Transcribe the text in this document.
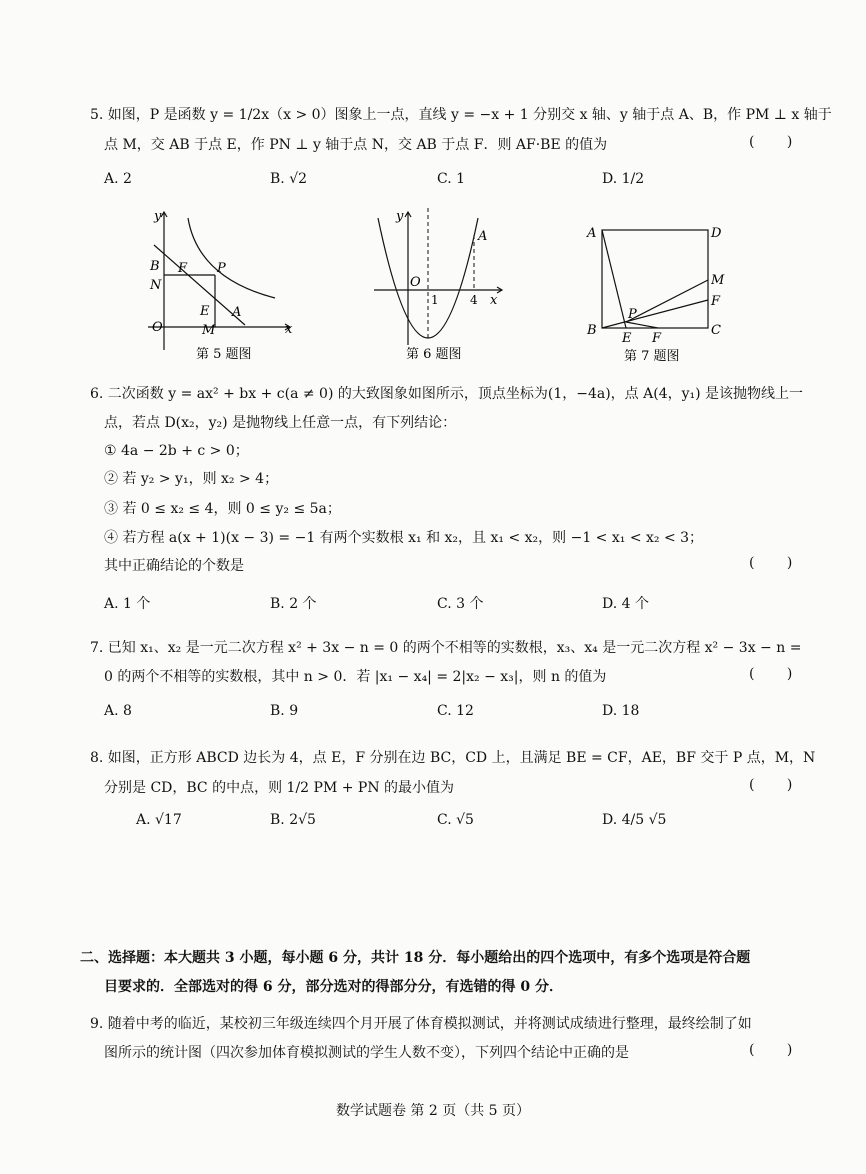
5. 如图，P 是函数 y = 1/2x（x > 0）图象上一点，直线 y = −x + 1 分别交 x 轴、y 轴于点 A、B，作 PM ⊥ x 轴于
点 M，交 AB 于点 E，作 PN ⊥ y 轴于点 N，交 AB 于点 F．则 AF·BE 的值为	( )
A. 2	B. √2	C. 1	D. 1/2
y
B F P
N
E A
O	M	x
第 5 题图
y
A
O
1	4 x
第 6 题图
A	D
M
F
P
B
E F
C
第 7 题图
6. 二次函数 y = ax² + bx + c(a ≠ 0) 的大致图象如图所示，顶点坐标为(1，−4a)，点 A(4，y₁) 是该抛物线上一
点，若点 D(x₂，y₂) 是抛物线上任意一点，有下列结论：
① 4a − 2b + c > 0；
② 若 y₂ > y₁，则 x₂ > 4；
③ 若 0 ≤ x₂ ≤ 4，则 0 ≤ y₂ ≤ 5a；
④ 若方程 a(x + 1)(x − 3) = −1 有两个实数根 x₁ 和 x₂，且 x₁ < x₂，则 −1 < x₁ < x₂ < 3；
其中正确结论的个数是	( )
A. 1 个	B. 2 个	C. 3 个	D. 4 个
7. 已知 x₁、x₂ 是一元二次方程 x² + 3x − n = 0 的两个不相等的实数根，x₃、x₄ 是一元二次方程 x² − 3x − n =
0 的两个不相等的实数根，其中 n > 0．若 |x₁ − x₄| = 2|x₂ − x₃|，则 n 的值为	( )
A. 8	B. 9	C. 12	D. 18
8. 如图，正方形 ABCD 边长为 4，点 E，F 分别在边 BC，CD 上，且满足 BE = CF，AE，BF 交于 P 点，M，N
分别是 CD，BC 的中点，则 1/2 PM + PN 的最小值为	( )
A. √17	B. 2√5	C. √5	D. 4/5 √5
二、选择题：本大题共 3 小题，每小题 6 分，共计 18 分．每小题给出的四个选项中，有多个选项是符合题
目要求的．全部选对的得 6 分，部分选对的得部分分，有选错的得 0 分．
9. 随着中考的临近，某校初三年级连续四个月开展了体育模拟测试，并将测试成绩进行整理，最终绘制了如
图所示的统计图（四次参加体育模拟测试的学生人数不变），下列四个结论中正确的是	( )
数学试题卷 第 2 页（共 5 页）
